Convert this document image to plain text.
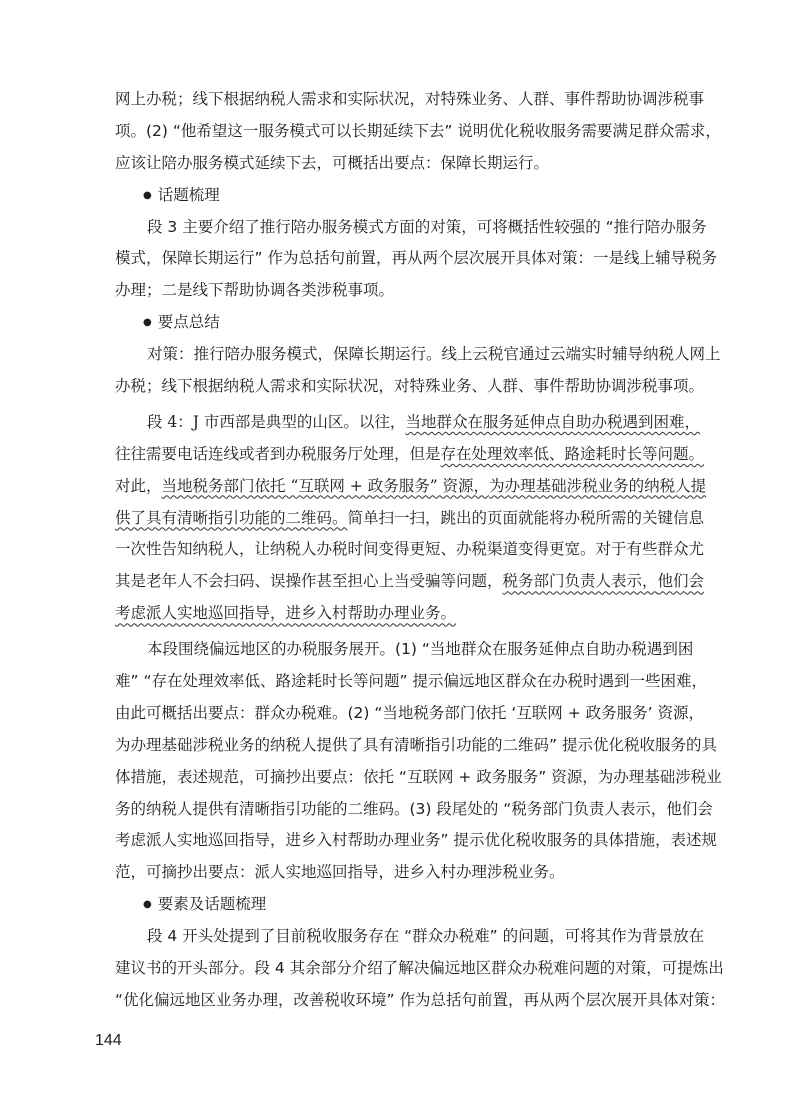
网上办税；线下根据纳税人需求和实际状况，对特殊业务、人群、事件帮助协调涉税事
项。(2) “他希望这一服务模式可以长期延续下去” 说明优化税收服务需要满足群众需求，
应该让陪办服务模式延续下去，可概括出要点：保障长期运行。
● 话题梳理
段 3 主要介绍了推行陪办服务模式方面的对策，可将概括性较强的 “推行陪办服务
模式，保障长期运行” 作为总括句前置，再从两个层次展开具体对策：一是线上辅导税务
办理；二是线下帮助协调各类涉税事项。
● 要点总结
对策：推行陪办服务模式，保障长期运行。线上云税官通过云端实时辅导纳税人网上
办税；线下根据纳税人需求和实际状况，对特殊业务、人群、事件帮助协调涉税事项。
段 4：J 市西部是典型的山区。以往，当地群众在服务延伸点自助办税遇到困难，
往往需要电话连线或者到办税服务厅处理，但是存在处理效率低、路途耗时长等问题。
对此，当地税务部门依托 “互联网 + 政务服务” 资源，为办理基础涉税业务的纳税人提
供了具有清晰指引功能的二维码。简单扫一扫，跳出的页面就能将办税所需的关键信息
一次性告知纳税人，让纳税人办税时间变得更短、办税渠道变得更宽。对于有些群众尤
其是老年人不会扫码、误操作甚至担心上当受骗等问题，税务部门负责人表示，他们会
考虑派人实地巡回指导，进乡入村帮助办理业务。
本段围绕偏远地区的办税服务展开。(1) “当地群众在服务延伸点自助办税遇到困
难” “存在处理效率低、路途耗时长等问题” 提示偏远地区群众在办税时遇到一些困难，
由此可概括出要点：群众办税难。(2) “当地税务部门依托 ‘互联网 + 政务服务’ 资源，
为办理基础涉税业务的纳税人提供了具有清晰指引功能的二维码” 提示优化税收服务的具
体措施，表述规范，可摘抄出要点：依托 “互联网 + 政务服务” 资源，为办理基础涉税业
务的纳税人提供有清晰指引功能的二维码。(3) 段尾处的 “税务部门负责人表示，他们会
考虑派人实地巡回指导，进乡入村帮助办理业务” 提示优化税收服务的具体措施，表述规
范，可摘抄出要点：派人实地巡回指导，进乡入村办理涉税业务。
● 要素及话题梳理
段 4 开头处提到了目前税收服务存在 “群众办税难” 的问题，可将其作为背景放在
建议书的开头部分。段 4 其余部分介绍了解决偏远地区群众办税难问题的对策，可提炼出
“优化偏远地区业务办理，改善税收环境” 作为总括句前置，再从两个层次展开具体对策：
144
